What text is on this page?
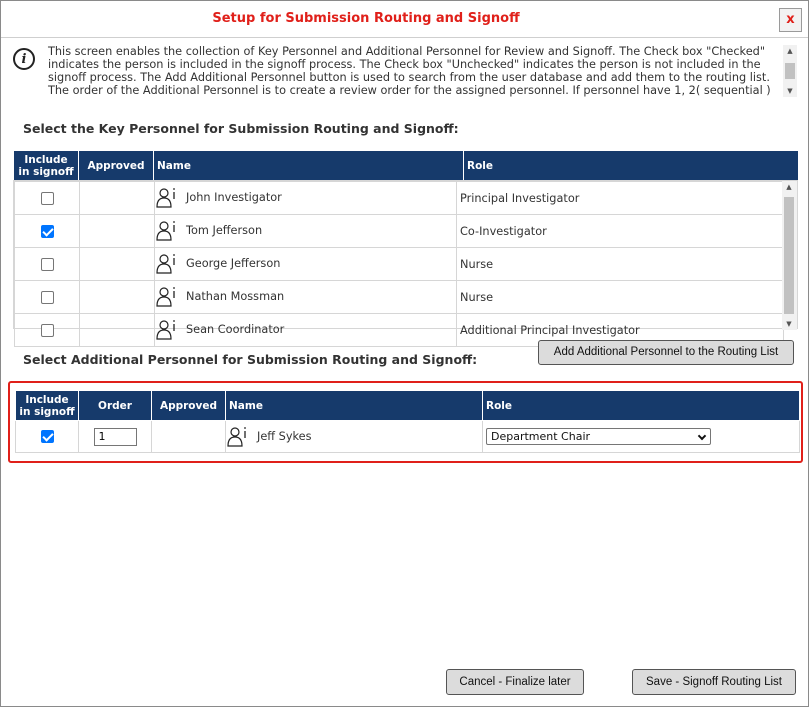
Setup for Submission Routing and Signoff	x
i
This screen enables the collection of Key Personnel and Additional Personnel for Review and Signoff. The Check box "Checked" indicates the person is included in the signoff process. The Check box "Unchecked" indicates the person is not included in the signoff process. The Add Additional Personnel button is used to search from the user database and add them to the routing list. The order of the Additional Personnel is to create a review order for the assigned personnel. If personnel have 1, 2( sequential )
▲
▼
Select the Key Personnel for Submission Routing and Signoff:
Include in signoff	Approved	Name	Role
		John Investigator	Principal Investigator
		Tom Jefferson	Co-Investigator
		George Jefferson	Nurse
		Nathan Mossman	Nurse
		Sean Coordinator	Additional Principal Investigator
▲
▼
Select Additional Personnel for Submission Routing and Signoff:	Add Additional Personnel to the Routing List
Include in signoff	Order	Approved	Name	Role
	1		Jeff Sykes	Department Chair
Cancel - Finalize later	Save - Signoff Routing List
